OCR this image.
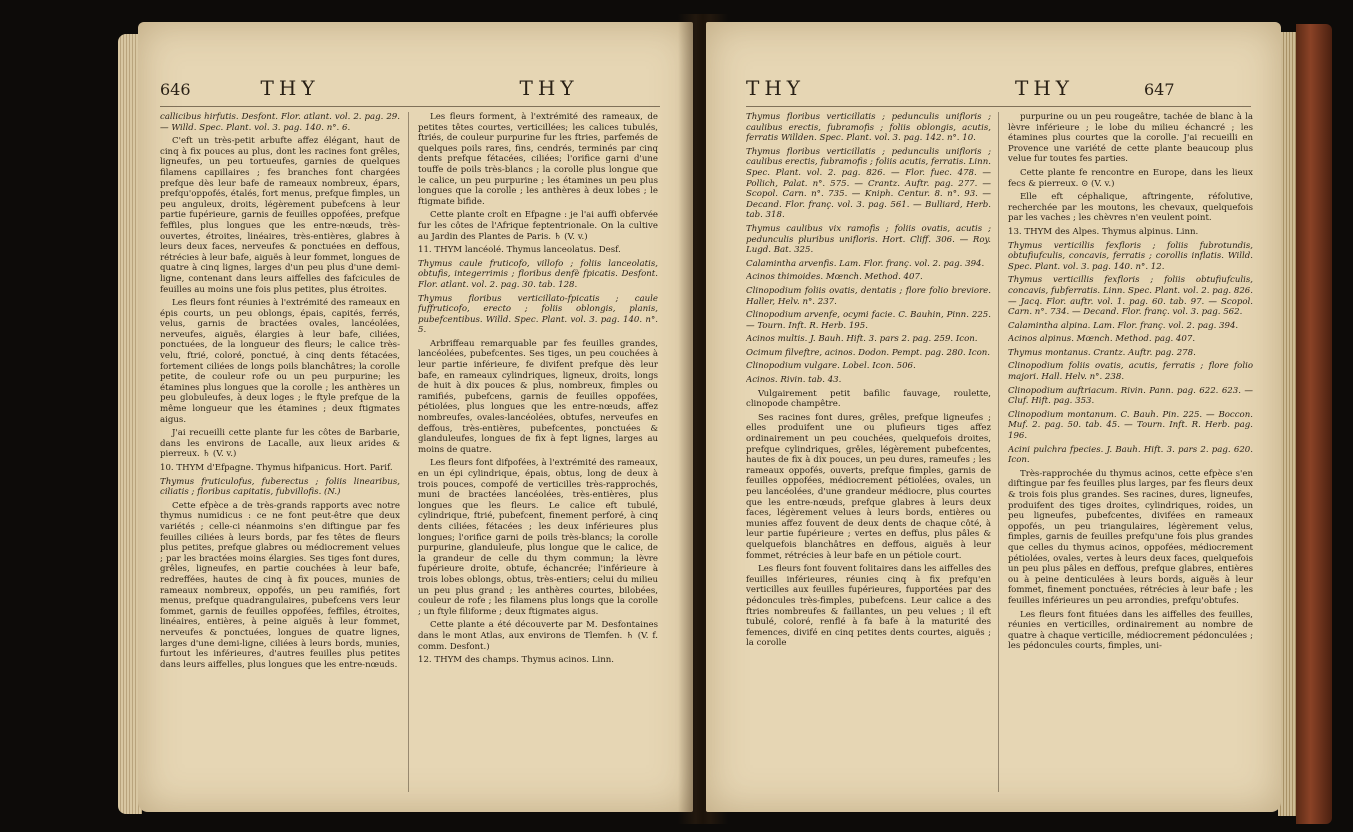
646	THY	THY

callicibus hirfutis. Desfont. Flor. atlant. vol. 2. pag. 29. — Willd. Spec. Plant. vol. 3. pag. 140. n°. 6.

C'eft un très-petit arbufte affez élégant, haut de cinq à fix pouces au plus, dont les racines font grêles, ligneufes, un peu tortueufes, garnies de quelques filamens capillaires ; fes branches font chargées prefque dès leur bafe de rameaux nombreux, épars, prefqu'oppofés, étalés, fort menus, prefque fimples, un peu anguleux, droits, légèrement pubefcens à leur partie fupérieure, garnis de feuilles oppofées, prefque feffiles, plus longues que les entre-nœuds, très-ouvertes, étroites, linéaires, très-entières, glabres à leurs deux faces, nerveufes & ponctuées en deffous, rétrécies à leur bafe, aiguës à leur fommet, longues de quatre à cinq lignes, larges d'un peu plus d'une demi-ligne, contenant dans leurs aiffelles des fafcicules de feuilles au moins une fois plus petites, plus étroites.

Les fleurs font réunies à l'extrémité des rameaux en épis courts, un peu oblongs, épais, capités, ferrés, velus, garnis de bractées ovales, lancéolées, nerveufes, aiguës, élargies à leur bafe, ciliées, ponctuées, de la longueur des fleurs; le calice très-velu, ftrié, coloré, ponctué, à cinq dents fétacées, fortement ciliées de longs poils blanchâtres; la corolle petite, de couleur rofe ou un peu purpurine; les étamines plus longues que la corolle ; les anthères un peu globuleufes, à deux loges ; le ftyle prefque de la même longueur que les étamines ; deux ftigmates aigus.

J'ai recueilli cette plante fur les côtes de Barbarie, dans les environs de Lacalle, aux lieux arides & pierreux. ♄ (V. v.)

10. THYM d'Efpagne. Thymus hifpanicus. Hort. Parif.

Thymus fruticulofus, fuberectus ; foliis linearibus, ciliatis ; floribus capitatis, fubvillofis. (N.)

Cette efpèce a de très-grands rapports avec notre thymus numidicus : ce ne font peut-être que deux variétés ; celle-ci néanmoins s'en diftingue par fes feuilles ciliées à leurs bords, par fes têtes de fleurs plus petites, prefque glabres ou médiocrement velues ; par les bractées moins élargies. Ses tiges font dures, grêles, ligneufes, en partie couchées à leur bafe, redreffées, hautes de cinq à fix pouces, munies de rameaux nombreux, oppofés, un peu ramifiés, fort menus, prefque quadrangulaires, pubefcens vers leur fommet, garnis de feuilles oppofées, feffiles, étroites, linéaires, entières, à peine aiguës à leur fommet, nerveufes & ponctuées, longues de quatre lignes, larges d'une demi-ligne, ciliées à leurs bords, munies, furtout les inférieures, d'autres feuilles plus petites dans leurs aiffelles, plus longues que les entre-nœuds.

Les fleurs forment, à l'extrémité des rameaux, de petites têtes courtes, verticillées; les calices tubulés, ftriés, de couleur purpurine fur les ftries, parfemés de quelques poils rares, fins, cendrés, terminés par cinq dents prefque fétacées, ciliées; l'orifice garni d'une touffe de poils très-blancs ; la corolle plus longue que le calice, un peu purpurine ; les étamines un peu plus longues que la corolle ; les anthères à deux lobes ; le ftigmate bifide.

Cette plante croît en Efpagne : je l'ai auffi obfervée fur les côtes de l'Afrique feptentrionale. On la cultive au Jardin des Plantes de Paris. ♄ (V. v.)

11. THYM lancéolé. Thymus lanceolatus. Desf.

Thymus caule fruticofo, villofo ; foliis lanceolatis, obtufis, integerrimis ; floribus denfè fpicatis. Desfont. Flor. atlant. vol. 2. pag. 30. tab. 128.

Thymus floribus verticillato-fpicatis ; caule fuffruticofo, erecto ; foliis oblongis, planis, pubefcentibus. Willd. Spec. Plant. vol. 3. pag. 140. n°. 5.

Arbriffeau remarquable par fes feuilles grandes, lancéolées, pubefcentes. Ses tiges, un peu couchées à leur partie inférieure, fe divifent prefque dès leur bafe, en rameaux cylindriques, ligneux, droits, longs de huit à dix pouces & plus, nombreux, fimples ou ramifiés, pubefcens, garnis de feuilles oppofées, pétiolées, plus longues que les entre-nœuds, affez nombreufes, ovales-lancéolées, obtufes, nerveufes en deffous, très-entières, pubefcentes, ponctuées & glanduleufes, longues de fix à fept lignes, larges au moins de quatre.

Les fleurs font difpofées, à l'extrémité des rameaux, en un épi cylindrique, épais, obtus, long de deux à trois pouces, compofé de verticilles très-rapprochés, muni de bractées lancéolées, très-entières, plus longues que les fleurs. Le calice eft tubulé, cylindrique, ftrié, pubefcent, finement perforé, à cinq dents ciliées, fétacées ; les deux inférieures plus longues; l'orifice garni de poils très-blancs; la corolle purpurine, glanduleufe, plus longue que le calice, de la grandeur de celle du thym commun; la lèvre fupérieure droite, obtufe, échancrée; l'inférieure à trois lobes oblongs, obtus, très-entiers; celui du milieu un peu plus grand ; les anthères courtes, bilobées, couleur de rofe ; les filamens plus longs que la corolle ; un ftyle filiforme ; deux ftigmates aigus.

Cette plante a été découverte par M. Desfontaines dans le mont Atlas, aux environs de Tlemfen. ♄ (V. f. comm. Desfont.)

12. THYM des champs. Thymus acinos. Linn.

THY	THY	647

Thymus floribus verticillatis ; pedunculis unifloris ; caulibus erectis, fubramofis ; foliis oblongis, acutis, ferratis Willden. Spec. Plant. vol. 3. pag. 142. n°. 10.

Thymus floribus verticillatis ; pedunculis unifloris ; caulibus erectis, fubramofis ; foliis acutis, ferratis. Linn. Spec. Plant. vol. 2. pag. 826. — Flor. fuec. 478. — Pollich, Palat. n°. 575. — Crantz. Auftr. pag. 277. — Scopol. Carn. n°. 735. — Kniph. Centur. 8. n°. 93. — Decand. Flor. franç. vol. 3. pag. 561. — Bulliard, Herb. tab. 318.

Thymus caulibus vix ramofis ; foliis ovatis, acutis ; pedunculis pluribus unifloris. Hort. Cliff. 306. — Roy. Lugd. Bat. 325.

Calamintha arvenfis. Lam. Flor. franç. vol. 2. pag. 394.

Acinos thimoides. Mœnch. Method. 407.

Clinopodium foliis ovatis, dentatis ; flore folio breviore. Haller, Helv. n°. 237.

Clinopodium arvenfe, ocymi facie. C. Bauhin, Pinn. 225. — Tourn. Inft. R. Herb. 195.

Acinos multis. J. Bauh. Hift. 3. pars 2. pag. 259. Icon.

Ocimum filveftre, acinos. Dodon. Pempt. pag. 280. Icon.

Clinopodium vulgare. Lobel. Icon. 506.

Acinos. Rivin. tab. 43.

Vulgairement petit bafilic fauvage, roulette, clinopode champêtre.

Ses racines font dures, grêles, prefque ligneufes ; elles produifent une ou plufieurs tiges affez ordinairement un peu couchées, quelquefois droites, prefque cylindriques, grêles, légèrement pubefcentes, hautes de fix à dix pouces, un peu dures, rameufes ; les rameaux oppofés, ouverts, prefque fimples, garnis de feuilles oppofées, médiocrement pétiolées, ovales, un peu lancéolées, d'une grandeur médiocre, plus courtes que les entre-nœuds, prefque glabres à leurs deux faces, légèrement velues à leurs bords, entières ou munies affez fouvent de deux dents de chaque côté, à leur partie fupérieure ; vertes en deffus, plus pâles & quelquefois blanchâtres en deffous, aiguës à leur fommet, rétrécies à leur bafe en un pétiole court.

Les fleurs font fouvent folitaires dans les aiffelles des feuilles inférieures, réunies cinq à fix prefqu'en verticilles aux feuilles fupérieures, fupportées par des pédoncules très-fimples, pubefcens. Leur calice a des ftries nombreufes & faillantes, un peu velues ; il eft tubulé, coloré, renflé à fa bafe à la maturité des femences, divifé en cinq petites dents courtes, aiguës ; la corolle

purpurine ou un peu rougeâtre, tachée de blanc à la lèvre inférieure ; le lobe du milieu échancré ; les étamines plus courtes que la corolle. J'ai recueilli en Provence une variété de cette plante beaucoup plus velue fur toutes fes parties.

Cette plante fe rencontre en Europe, dans les lieux fecs & pierreux. ⊙ (V. v.)

Elle eft céphalique, aftringente, réfolutive, recherchée par les moutons, les chevaux, quelquefois par les vaches ; les chèvres n'en veulent point.

13. THYM des Alpes. Thymus alpinus. Linn.

Thymus verticillis fexfloris ; foliis fubrotundis, obtufiufculis, concavis, ferratis ; corollis inflatis. Willd. Spec. Plant. vol. 3. pag. 140. n°. 12.

Thymus verticillis fexfloris ; foliis obtufiufculis, concavis, fubferratis. Linn. Spec. Plant. vol. 2. pag. 826. — Jacq. Flor. auftr. vol. 1. pag. 60. tab. 97. — Scopol. Carn. n°. 734. — Decand. Flor. franç. vol. 3. pag. 562.

Calamintha alpina. Lam. Flor. franç. vol. 2. pag. 394.

Acinos alpinus. Mœnch. Method. pag. 407.

Thymus montanus. Crantz. Auftr. pag. 278.

Clinopodium foliis ovatis, acutis, ferratis ; flore folio majori. Hall. Helv. n°. 238.

Clinopodium auftriacum. Rivin. Pann. pag. 622. 623. — Cluf. Hift. pag. 353.

Clinopodium montanum. C. Bauh. Pin. 225. — Boccon. Muf. 2. pag. 50. tab. 45. — Tourn. Inft. R. Herb. pag. 196.

Acini pulchra fpecies. J. Bauh. Hift. 3. pars 2. pag. 620. Icon.

Très-rapprochée du thymus acinos, cette efpèce s'en diftingue par fes feuilles plus larges, par fes fleurs deux & trois fois plus grandes. Ses racines, dures, ligneufes, produifent des tiges droites, cylindriques, roides, un peu ligneufes, pubefcentes, divifées en rameaux oppofés, un peu triangulaires, légèrement velus, fimples, garnis de feuilles prefqu'une fois plus grandes que celles du thymus acinos, oppofées, médiocrement pétiolées, ovales, vertes à leurs deux faces, quelquefois un peu plus pâles en deffous, prefque glabres, entières ou à peine denticulées à leurs bords, aiguës à leur fommet, finement ponctuées, rétrécies à leur bafe ; les feuilles inférieures un peu arrondies, prefqu'obtufes.

Les fleurs font fituées dans les aiffelles des feuilles, réunies en verticilles, ordinairement au nombre de quatre à chaque verticille, médiocrement pédonculées ; les pédoncules courts, fimples, uni-
